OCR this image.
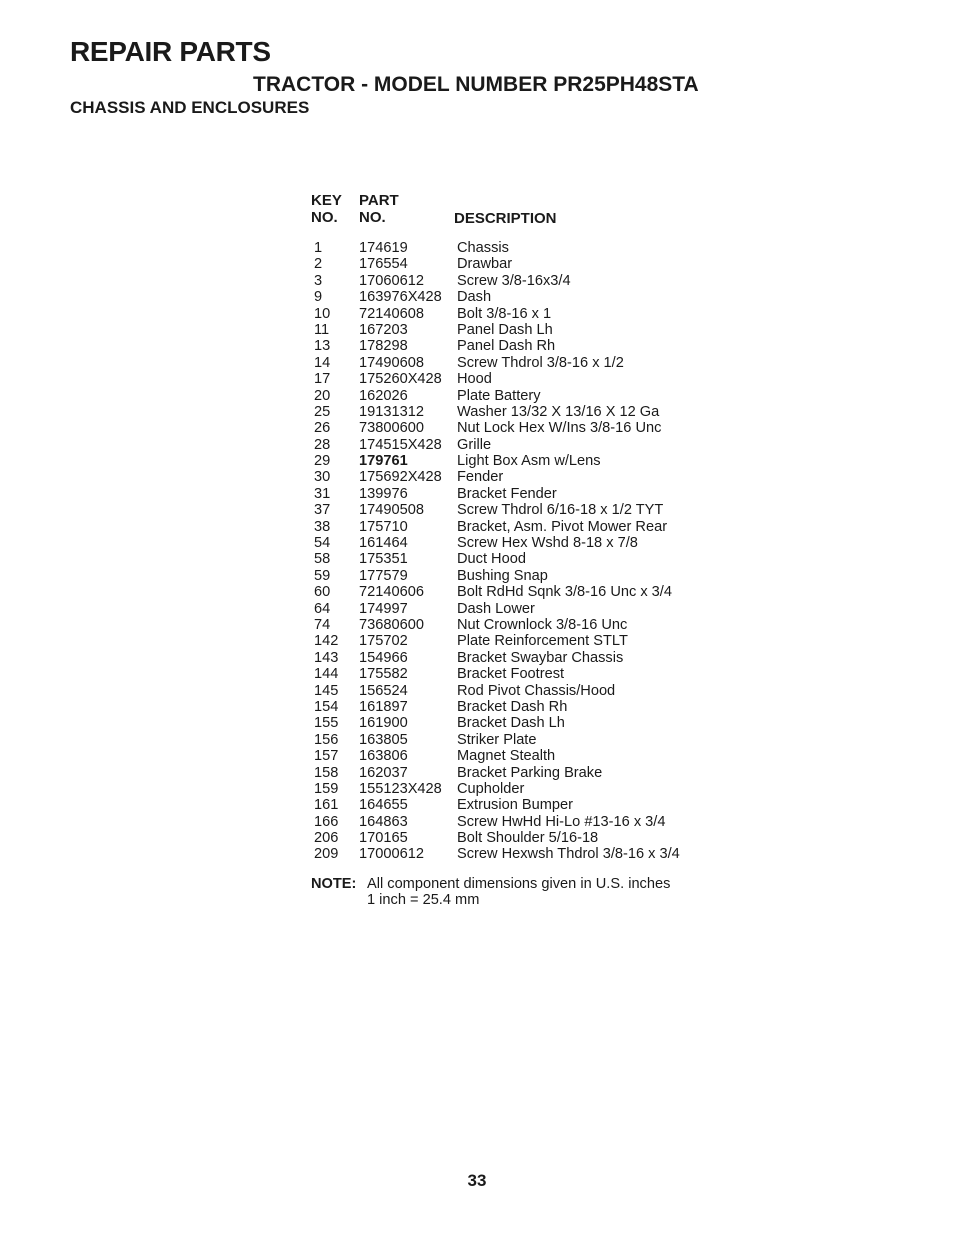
REPAIR PARTS
TRACTOR - MODEL NUMBER PR25PH48STA
CHASSIS AND ENCLOSURES
KEY
NO.
PART
NO.	DESCRIPTION
1	174619	Chassis
2	176554	Drawbar
3	17060612	Screw 3/8-16x3/4
9	163976X428	Dash
10	72140608	Bolt 3/8-16 x 1
11	167203	Panel Dash Lh
13	178298	Panel Dash Rh
14	17490608	Screw Thdrol 3/8-16 x 1/2
17	175260X428	Hood
20	162026	Plate Battery
25	19131312	Washer 13/32 X 13/16 X 12 Ga
26	73800600	Nut Lock Hex W/Ins 3/8-16 Unc
28	174515X428	Grille
29	179761	Light Box Asm w/Lens
30	175692X428	Fender
31	139976	Bracket Fender
37	17490508	Screw Thdrol 6/16-18 x 1/2 TYT
38	175710	Bracket, Asm. Pivot Mower Rear
54	161464	Screw Hex Wshd 8-18 x 7/8
58	175351	Duct Hood
59	177579	Bushing Snap
60	72140606	Bolt RdHd Sqnk 3/8-16 Unc x 3/4
64	174997	Dash Lower
74	73680600	Nut Crownlock 3/8-16 Unc
142	175702	Plate Reinforcement STLT
143	154966	Bracket Swaybar Chassis
144	175582	Bracket Footrest
145	156524	Rod Pivot Chassis/Hood
154	161897	Bracket Dash Rh
155	161900	Bracket Dash Lh
156	163805	Striker Plate
157	163806	Magnet Stealth
158	162037	Bracket Parking Brake
159	155123X428	Cupholder
161	164655	Extrusion Bumper
166	164863	Screw HwHd Hi-Lo #13-16 x 3/4
206	170165	Bolt Shoulder 5/16-18
209	17000612	Screw Hexwsh Thdrol 3/8-16 x 3/4
NOTE: All component dimensions given in U.S. inches
1 inch = 25.4 mm
33
